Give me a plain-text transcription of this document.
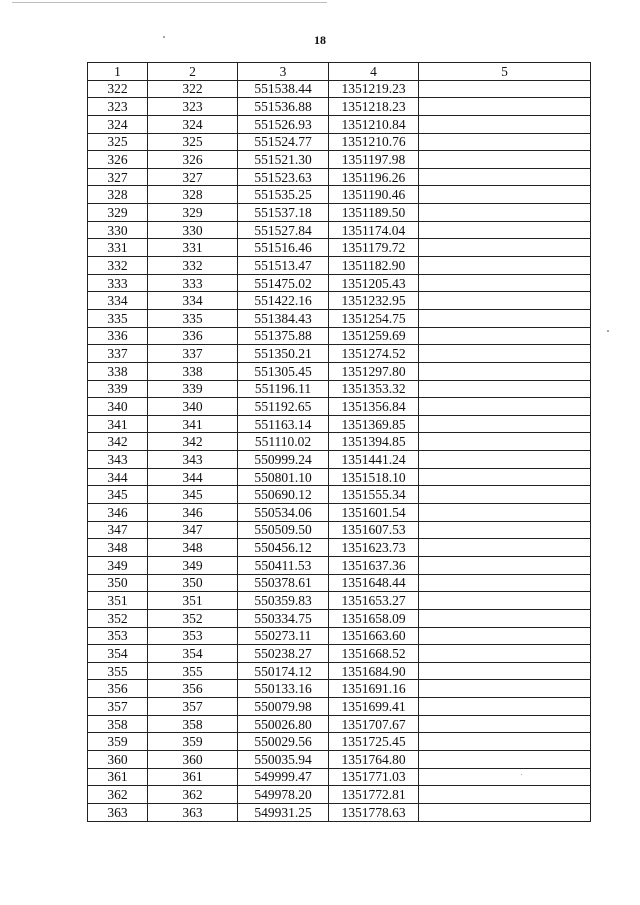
18
1	2	3	4	5
322	322	551538.44	1351219.23	
323	323	551536.88	1351218.23	
324	324	551526.93	1351210.84	
325	325	551524.77	1351210.76	
326	326	551521.30	1351197.98	
327	327	551523.63	1351196.26	
328	328	551535.25	1351190.46	
329	329	551537.18	1351189.50	
330	330	551527.84	1351174.04	
331	331	551516.46	1351179.72	
332	332	551513.47	1351182.90	
333	333	551475.02	1351205.43	
334	334	551422.16	1351232.95	
335	335	551384.43	1351254.75	
336	336	551375.88	1351259.69	
337	337	551350.21	1351274.52	
338	338	551305.45	1351297.80	
339	339	551196.11	1351353.32	
340	340	551192.65	1351356.84	
341	341	551163.14	1351369.85	
342	342	551110.02	1351394.85	
343	343	550999.24	1351441.24	
344	344	550801.10	1351518.10	
345	345	550690.12	1351555.34	
346	346	550534.06	1351601.54	
347	347	550509.50	1351607.53	
348	348	550456.12	1351623.73	
349	349	550411.53	1351637.36	
350	350	550378.61	1351648.44	
351	351	550359.83	1351653.27	
352	352	550334.75	1351658.09	
353	353	550273.11	1351663.60	
354	354	550238.27	1351668.52	
355	355	550174.12	1351684.90	
356	356	550133.16	1351691.16	
357	357	550079.98	1351699.41	
358	358	550026.80	1351707.67	
359	359	550029.56	1351725.45	
360	360	550035.94	1351764.80	
361	361	549999.47	1351771.03	
362	362	549978.20	1351772.81	
363	363	549931.25	1351778.63	
